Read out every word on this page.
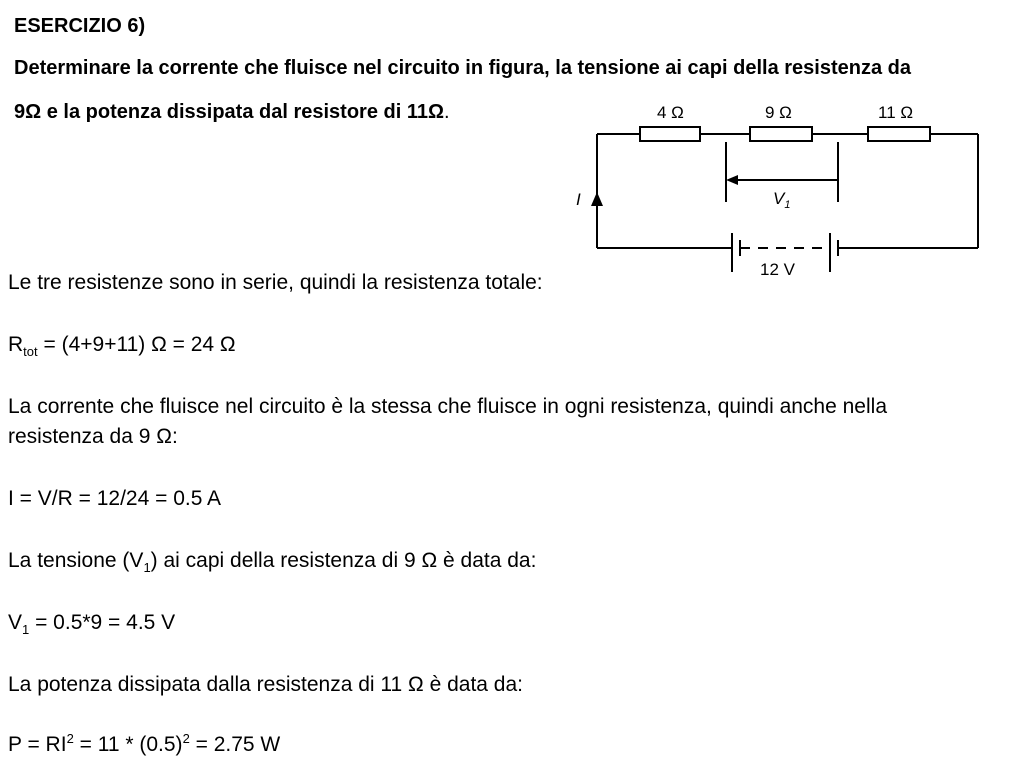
ESERCIZIO 6)
Determinare la corrente che fluisce nel circuito in figura, la tensione ai capi della resistenza da
9Ω e la potenza dissipata dal resistore di 11Ω.	4 Ω	9 Ω	11 Ω
I	$V_1$
12 V
Le tre resistenze sono in serie, quindi la resistenza totale:
$R_{tot} = (4+9+11) \Omega = 24$ Ω
La corrente che fluisce nel circuito è la stessa che fluisce in ogni resistenza, quindi anche nella
resistenza da 9 Ω:
I = V/R = 12/24 = 0.5 A
La tensione $(V_1)$ ai capi della resistenza di 9 Ω è data da:
$V_1 = 0.5*9 = 4.5$ V
La potenza dissipata dalla resistenza di 11 Ω è data da:
$P = RI^2 = 11 * (0.5)^2 = 2.75$ W
